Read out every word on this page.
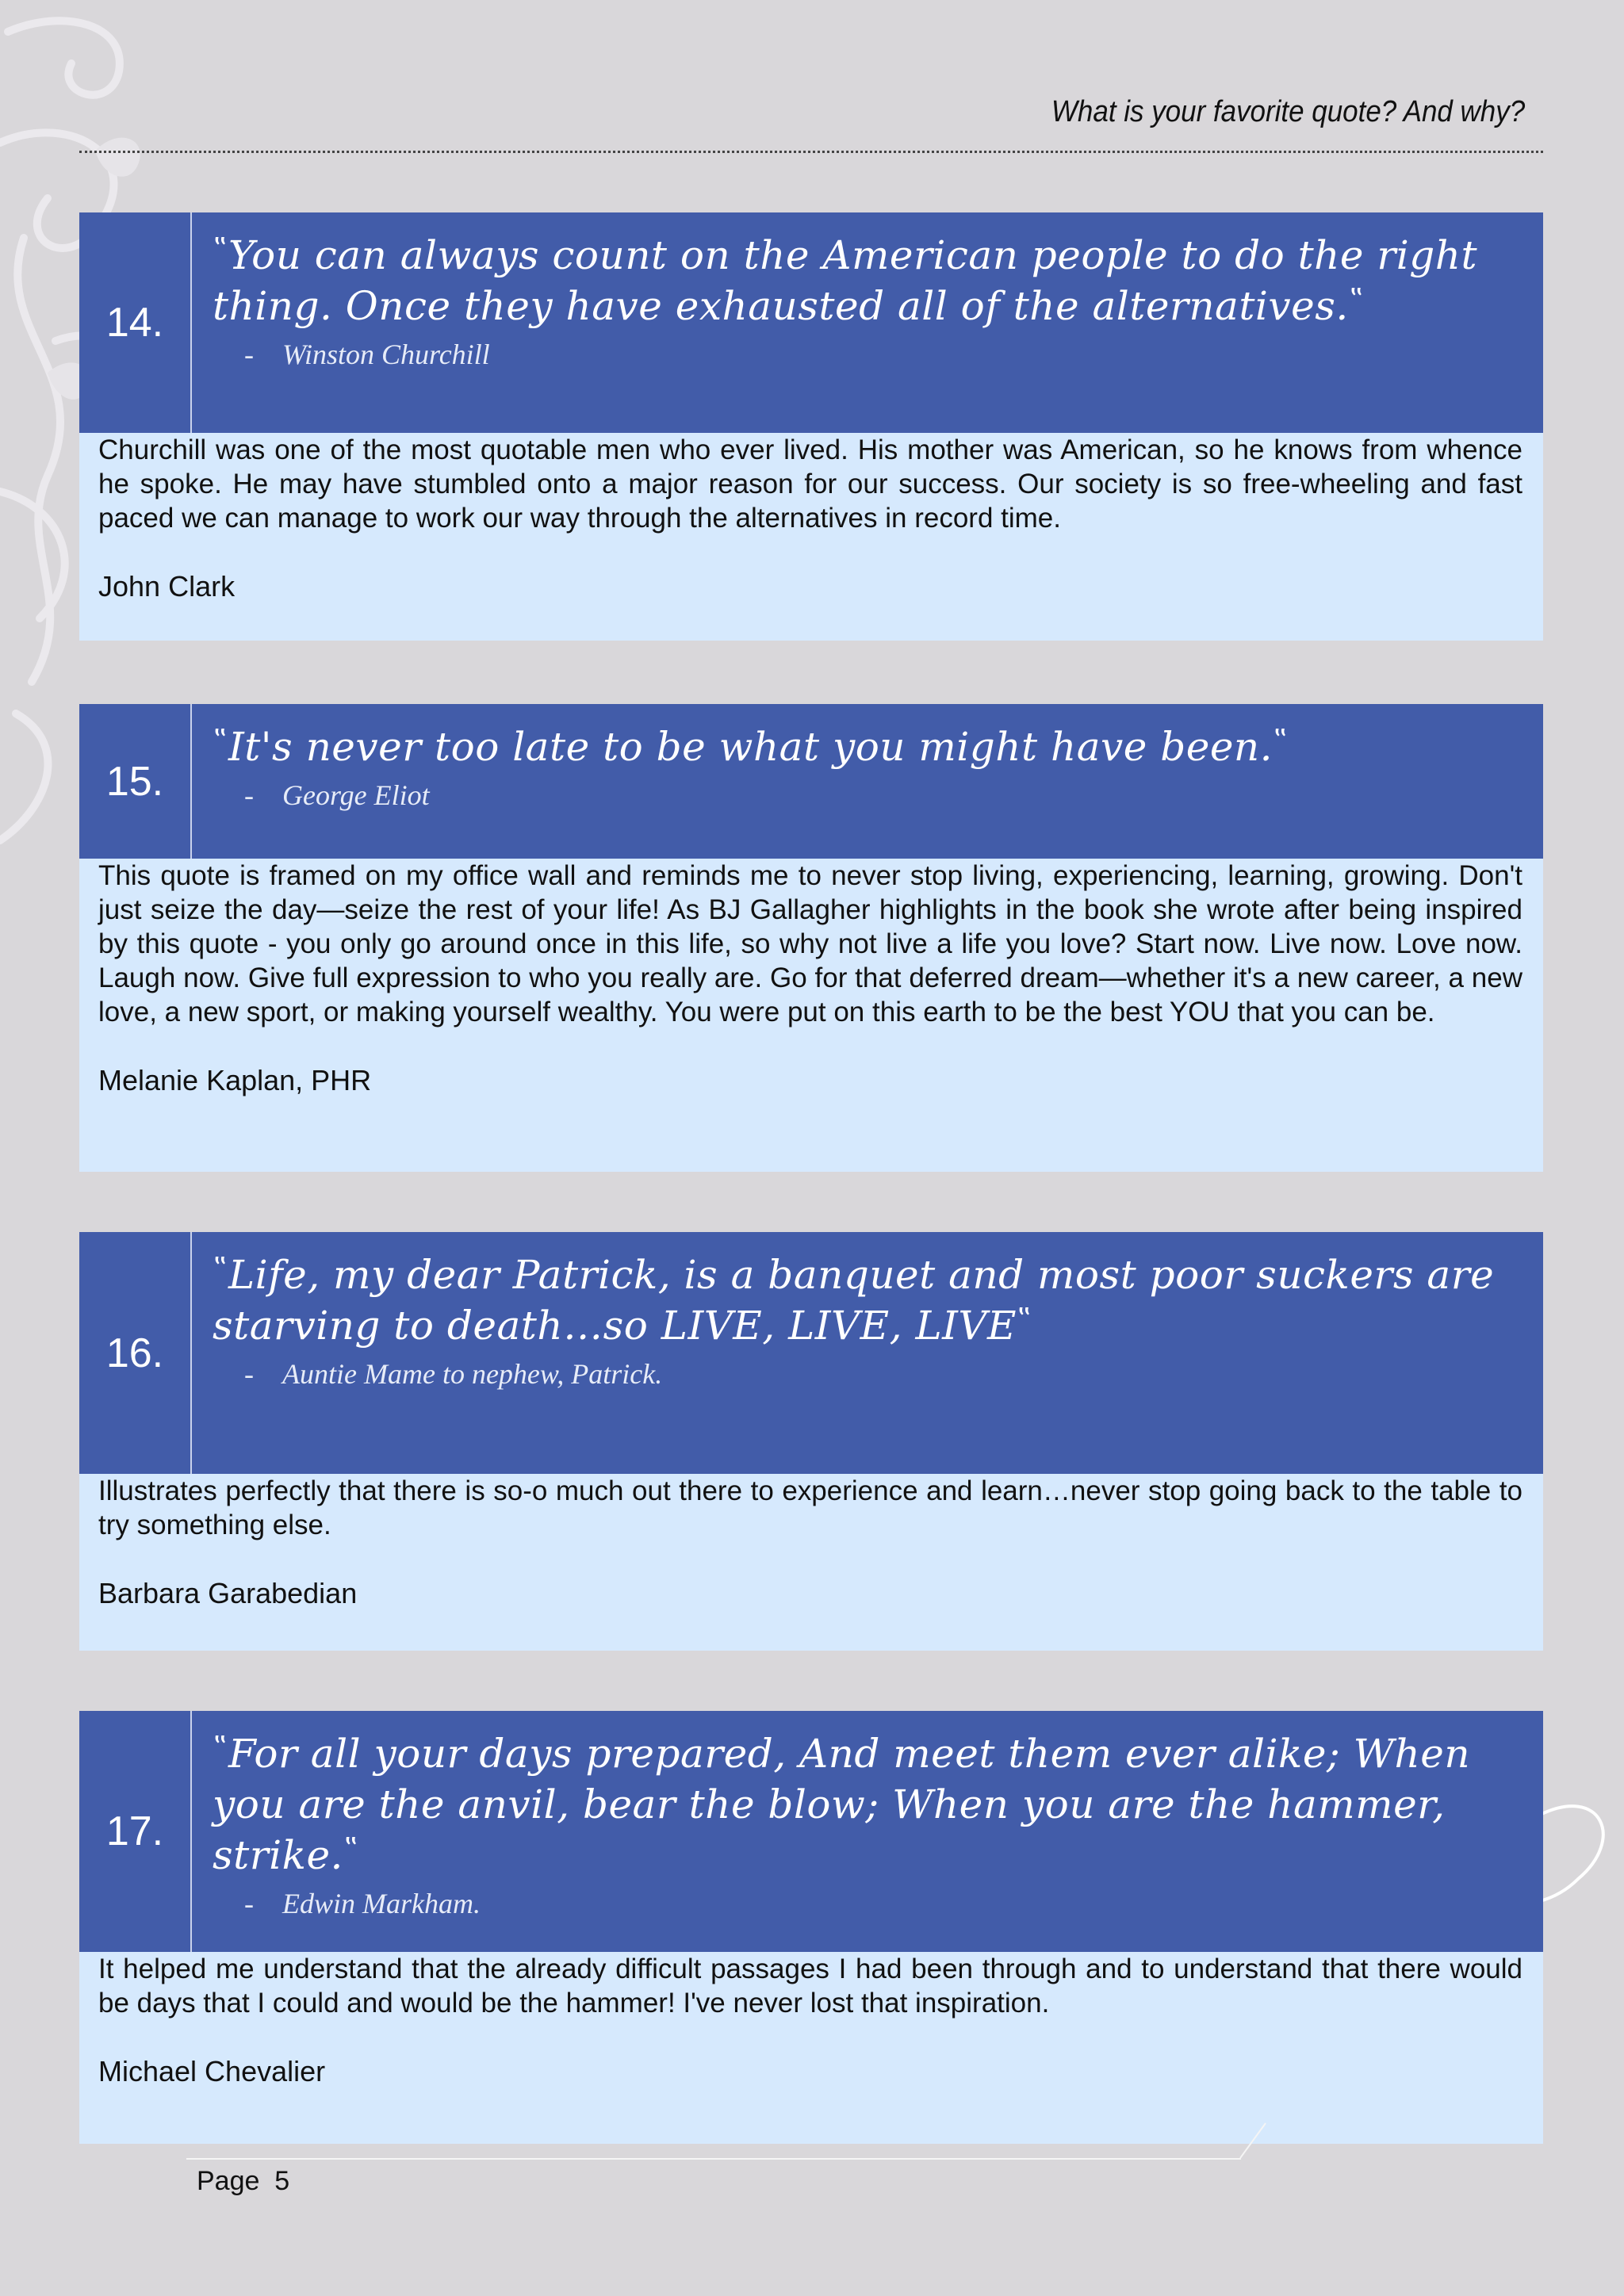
What is your favorite quote? And why?
14.
‟You can always count on the American people to do the right thing. Once they have exhausted all of the alternatives.‟
- Winston Churchill

Churchill was one of the most quotable men who ever lived. His mother was American, so he knows from whence he spoke. He may have stumbled onto a major reason for our success. Our society is so free-wheeling and fast paced we can manage to work our way through the alternatives in record time.

John Clark
15.
‟It's never too late to be what you might have been.‟
- George Eliot

This quote is framed on my office wall and reminds me to never stop living, experiencing, learning, growing. Don't just seize the day—seize the rest of your life! As BJ Gallagher highlights in the book she wrote after being inspired by this quote - you only go around once in this life, so why not live a life you love? Start now. Live now. Love now. Laugh now. Give full expression to who you really are. Go for that deferred dream—whether it's a new career, a new love, a new sport, or making yourself wealthy. You were put on this earth to be the best YOU that you can be.

Melanie Kaplan, PHR
16.
‟Life, my dear Patrick, is a banquet and most poor suckers are starving to death…so LIVE, LIVE, LIVE‟
- Auntie Mame to nephew, Patrick.

Illustrates perfectly that there is so-o much out there to experience and learn…never stop going back to the table to try something else.

Barbara Garabedian
17.
‟For all your days prepared, And meet them ever alike; When you are the anvil, bear the blow; When you are the hammer, strike.‟
- Edwin Markham.

It helped me understand that the already difficult passages I had been through and to understand that there would be days that I could and would be the hammer! I've never lost that inspiration.

Michael Chevalier
Page  5
